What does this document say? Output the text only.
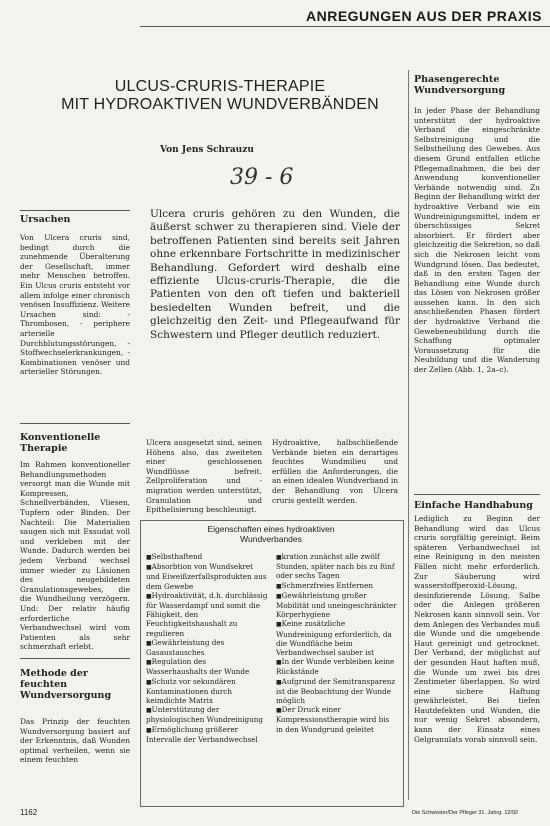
ANREGUNGEN AUS DER PRAXIS
ULCUS-CRURIS-THERAPIE
MIT HYDROAKTIVEN WUNDVERBÄNDEN
Von Jens Schrauzu
39 - 6
Ursachen
Von Ulcera cruris sind, bedingt durch die zunehmende Überalterung der Gesellschaft, immer mehr Menschen betroffen. Ein Ulcus cruris entsteht vor allem infolge einer chronisch venösen Insuffizienz. Weitere Ursachen sind: - Thrombosen, - periphere arterielle Durchblutungsstörungen, - Stoffwechselerkrankungen, - Kombinationen venöser und arterieller Störungen.
Konventionelle Therapie
Im Rahmen konventioneller Behandlungsmethoden versorgt man die Wunde mit Kompressen, Schnellverbänden, Vliesen, Tupfern oder Binden. Der Nachteil: Die Materialien saugen sich mit Exsudat voll und verkleben mit der Wunde. Dadurch werden bei jedem Verband wechsel immer wieder zu Läsionen des neugebildeten Granulationsgewebes, die die Wundheilung verzögern. Und: Der relativ häufig erforderliche Verbandwechsel wird vom Patienten als sehr schmerzhaft erlebt.
Methode der feuchten Wundversorgung
Das Prinzip der feuchten Wundversorgung basiert auf der Erkenntnis, daß Wunden optimal verheilen, wenn sie einem feuchten
Ulcera cruris gehören zu den Wunden, die äußerst schwer zu therapieren sind. Viele der betroffenen Patienten sind bereits seit Jahren ohne erkennbare Fortschritte in medizinischer Behandlung. Gefordert wird deshalb eine effiziente Ulcus-cruris-Therapie, die die Patienten von den oft tiefen und bakteriell besiedelten Wunden befreit, und die gleichzeitig den Zeit- und Pflegeaufwand für Schwestern und Pfleger deutlich reduziert.
Ulcera ausgesetzt sind, seinen Höhens also, das zweiteten einer geschlossenen Wundflüsse befreit. Zellproliferation und -migration werden unterstützt, Granulation und Epithelisierung beschleunigt.
Hydroaktive, halbschließende Verbände bieten ein derartiges feuchtes Wundmilieu und erfüllen die Anforderungen, die an einen idealen Wundverband in der Behandlung von Ulcera cruris gestellt werden.
Eigenschaften eines hydroaktiven
Wundverbandes
■ Selbsthaftend
■ Absorbtion von Wundsekret und Eiweißzerfallsprodukten aus dem Gewebe
■ Hydroaktivität, d.h. durchlässig für Wasserdampf und somit die Fähigkeit, den Feuchtigkeitshaushalt zu regulieren
■ Gewährleistung des Gasaustausches
■ Regulation des Wasserhaushalts der Wunde
■ Schutz vor sekundären Kontaminationen durch keimdichte Matrix
■ Unterstützung der physiologischen Wundreinigung
■ Ermöglichung größerer Intervalle der Verbandwechsel
■ kration zunächst alle zwölf Stunden, später nach bis zu fünf oder sechs Tagen
■ Schmerzfreies Entfernen
■ Gewährleistung großer Mobilität und uneingeschränkter Körperhygiene
■ Keine zusätzliche Wundreinigung erforderlich, da die Wundfläche beim Verbandwechsel sauber ist
■ In der Wunde verbleiben keine Rückstände
■ Aufgrund der Semitransparenz ist die Beobachtung der Wunde möglich
■ Der Druck einer Kompressionstherapie wird bis in den Wundgrund geleitet
Phasengerechte Wundversorgung
In jeder Phase der Behandlung unterstützt der hydroaktive Verband die eingeschränkte Selbstreinigung und die Selbstheilung des Gewebes. Aus diesem Grund entfallen etliche Pflegemaßnahmen, die bei der Anwendung konventioneller Verbände notwendig sind. Zu Beginn der Behandlung wirkt der hydroaktive Verband wie ein Wundreinigungsmittel, indem er überschüssiges Sekret absorbiert. Er fördert aber gleichzeitig die Sekretion, so daß sich die Nekrosen leicht vom Wundgrund lösen. Das bedeutet, daß in den ersten Tagen der Behandlung eine Wunde durch das Lösen von Nekrosen größer aussehen kann. In den sich anschließenden Phasen fördert der hydroaktive Verband die Gewebeneubildung durch die Schaffung optimaler Voraussetzung für die Neubildung und die Wanderung der Zellen (Abb. 1, 2a–c).
Einfache Handhabung
Lediglich zu Beginn der Behandlung wird das Ulcus cruris sorgfältig gereinigt. Beim späteren Verbandwechsel ist eine Reinigung in den meisten Fällen nicht mehr erforderlich. Zur Säuberung wird wasserstoffperoxid-Lösung, desinfizierende Lösung, Salbe oder die Anlegen größeren Nekrosen kann sinnvoll sein. Vor dem Anlegen des Verbandes muß die Wunde und die umgebende Haut gereinigt und getrocknet. Der Verband, der möglichst auf der gesunden Haut haften muß, die Wunde um zwei bis drei Zentimeter überlappen. So wird eine sichere Haftung gewährleistet. Bei tiefen Hautdefekten und Wunden, die nur wenig Sekret absondern, kann der Einsatz eines Gelgranulats vorab sinnvoll sein.
1162	Die Schwester/Der Pfleger 31. Jahrg. 12/92
